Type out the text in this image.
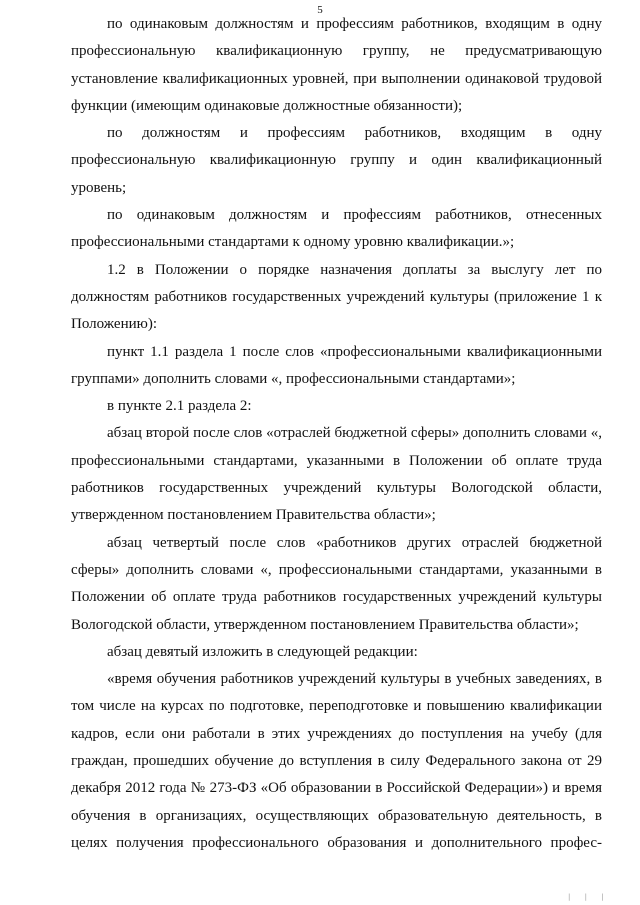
5

по одинаковым должностям и профессиям работников, входящим в одну профессиональную квалификационную группу, не предусматривающую установление квалификационных уровней, при выполнении одинаковой трудовой функции (имеющим одинаковые должностные обязанности);

по должностям и профессиям работников, входящим в одну профессиональную квалификационную группу и один квалификационный уровень;

по одинаковым должностям и профессиям работников, отнесенных профессиональными стандартами к одному уровню квалификации.»;

1.2 в Положении о порядке назначения доплаты за выслугу лет по должностям работников государственных учреждений культуры (приложение 1 к Положению):

пункт 1.1 раздела 1 после слов «профессиональными квалификационными группами» дополнить словами «, профессиональными стандартами»;

в пункте 2.1 раздела 2:

абзац второй после слов «отраслей бюджетной сферы» дополнить словами «, профессиональными стандартами, указанными в Положении об оплате труда работников государственных учреждений культуры Вологодской области, утвержденном постановлением Правительства области»;

абзац четвертый после слов «работников других отраслей бюджетной сферы» дополнить словами «, профессиональными стандартами, указанными в Положении об оплате труда работников государственных учреждений культуры Вологодской области, утвержденном постановлением Правительства области»;

абзац девятый изложить в следующей редакции:

«время обучения работников учреждений культуры в учебных заведениях, в том числе на курсах по подготовке, переподготовке и повышению квалификации кадров, если они работали в этих учреждениях до поступления на учебу (для граждан, прошедших обучение до вступления в силу Федерального закона от 29 декабря 2012 года № 273-ФЗ «Об образовании в Российской Федерации») и время обучения в организациях, осуществляющих образовательную деятельность, в целях получения профессионального образования и дополнительного профес-

| | |
